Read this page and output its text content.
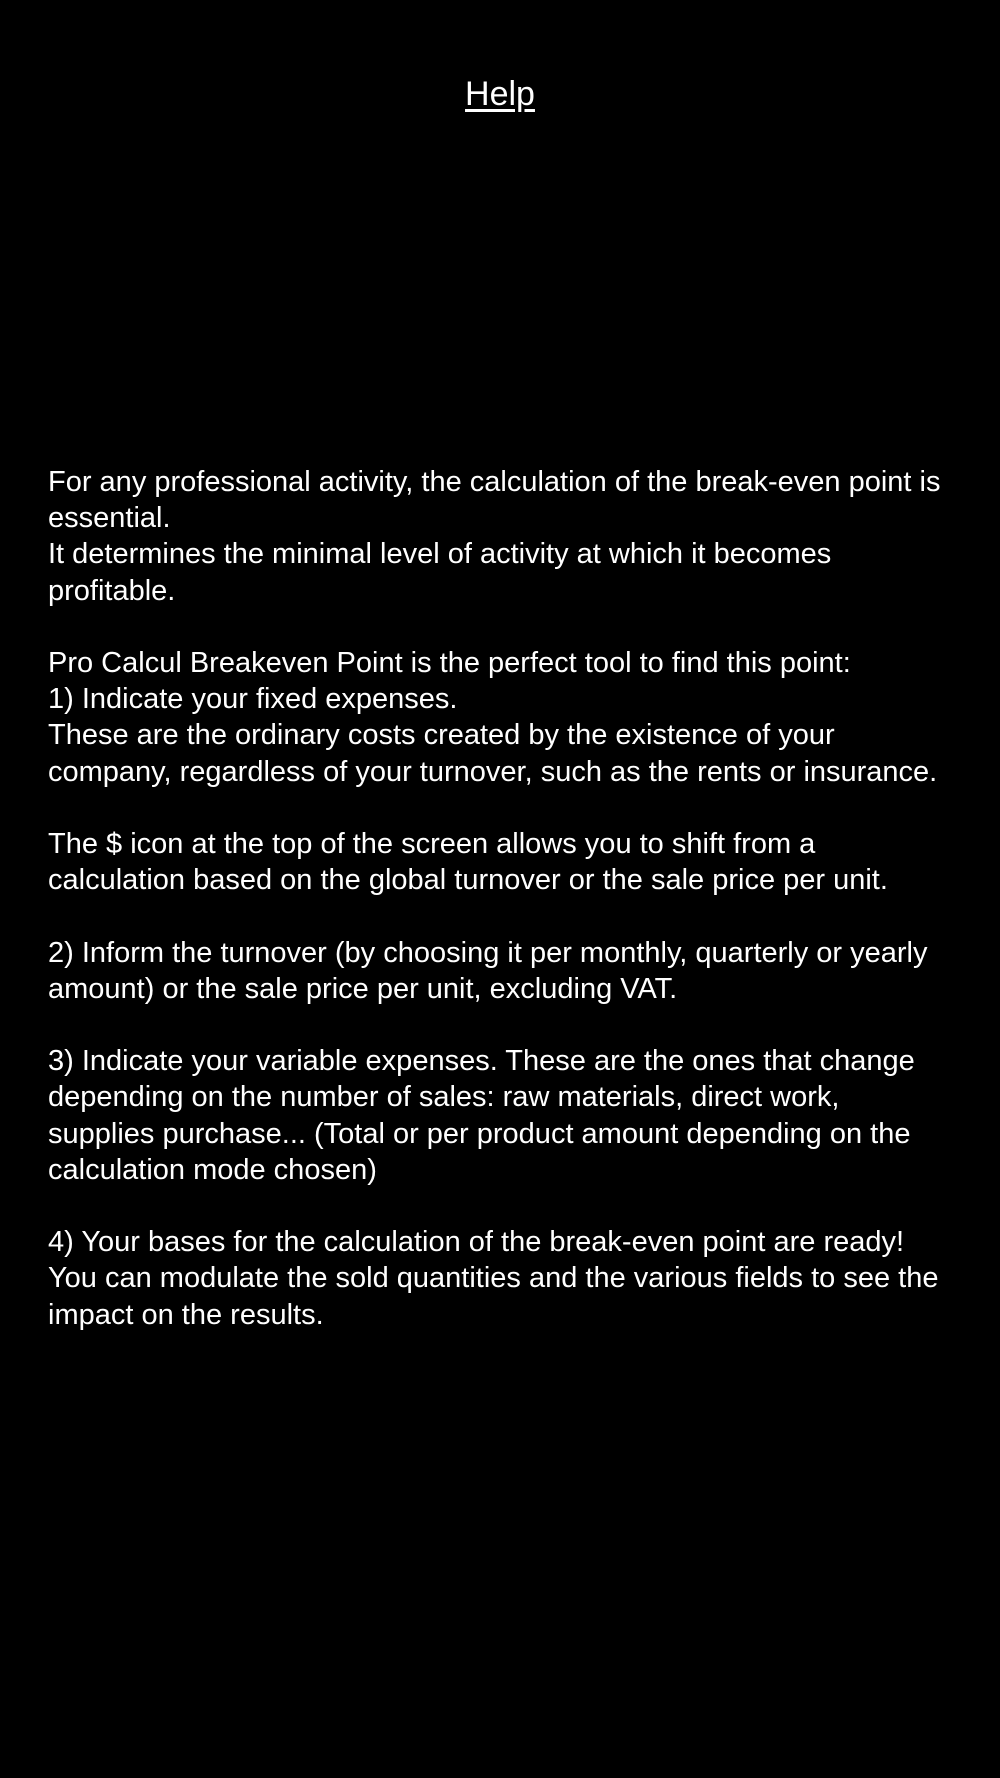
Help

For any professional activity, the calculation of the break-even point is essential.

It determines the minimal level of activity at which it becomes profitable.

Pro Calcul Breakeven Point is the perfect tool to find this point:

1) Indicate your fixed expenses.

These are the ordinary costs created by the existence of your company, regardless of your turnover, such as the rents or insurance.

The $ icon at the top of the screen allows you to shift from a calculation based on the global turnover or the sale price per unit.

2) Inform the turnover (by choosing it per monthly, quarterly or yearly amount) or the sale price per unit, excluding VAT.

3) Indicate your variable expenses. These are the ones that change depending on the number of sales: raw materials, direct work, supplies purchase... (Total or per product amount depending on the calculation mode chosen)

4) Your bases for the calculation of the break-even point are ready! You can modulate the sold quantities and the various fields to see the impact on the results.
